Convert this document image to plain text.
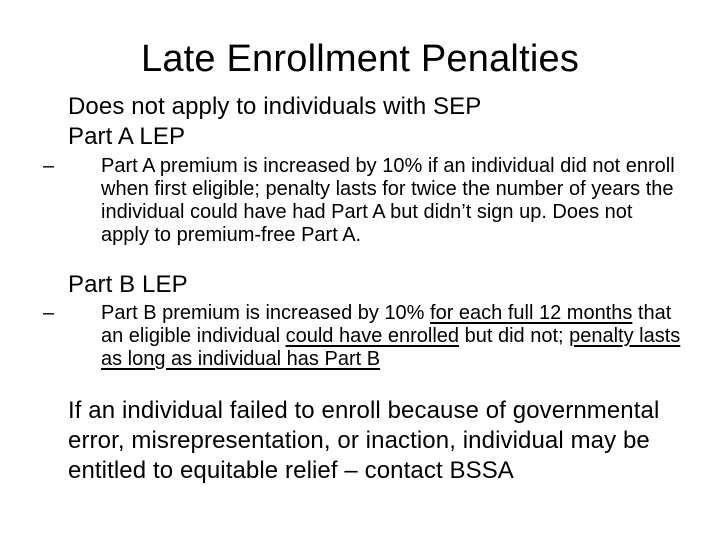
Late Enrollment Penalties
Does not apply to individuals with SEP
Part A LEP
– Part A premium is increased by 10% if an individual did not enroll when first eligible; penalty lasts for twice the number of years the individual could have had Part A but didn’t sign up. Does not apply to premium-free Part A.
Part B LEP
– Part B premium is increased by 10% for each full 12 months that an eligible individual could have enrolled but did not; penalty lasts as long as individual has Part B
If an individual failed to enroll because of governmental error, misrepresentation, or inaction, individual may be entitled to equitable relief – contact BSSA
